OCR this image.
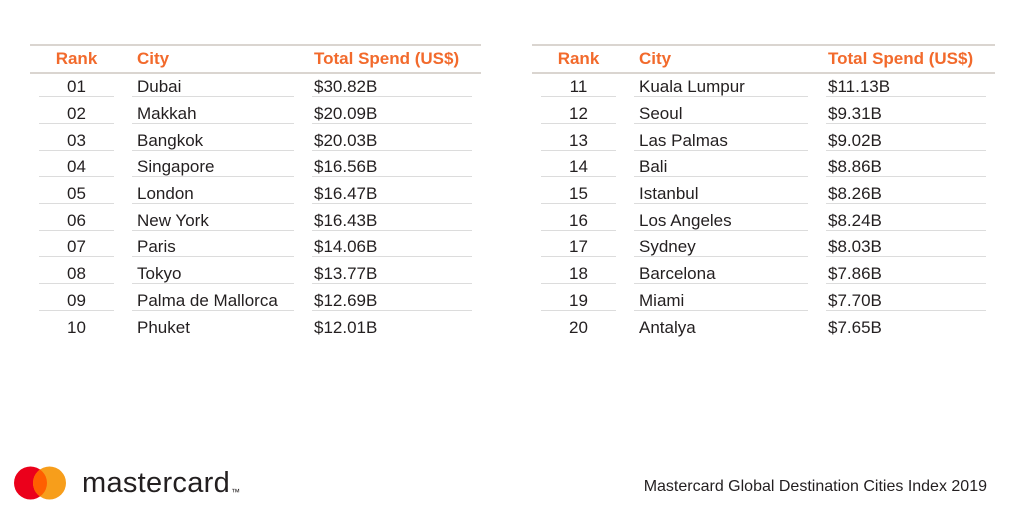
Rank	City	Total Spend (US$)
01	Dubai	$30.82B
02	Makkah	$20.09B
03	Bangkok	$20.03B
04	Singapore	$16.56B
05	London	$16.47B
06	New York	$16.43B
07	Paris	$14.06B
08	Tokyo	$13.77B
09	Palma de Mallorca $12.69B
10	Phuket	$12.01B
Rank	City	Total Spend (US$)
11	Kuala Lumpur	$11.13B
12	Seoul	$9.31B
13	Las Palmas	$9.02B
14	Bali	$8.86B
15	Istanbul	$8.26B
16	Los Angeles	$8.24B
17	Sydney	$8.03B
18	Barcelona	$7.86B
19	Miami	$7.70B
20	Antalya	$7.65B
mastercard ™	Mastercard Global Destination Cities Index 2019
